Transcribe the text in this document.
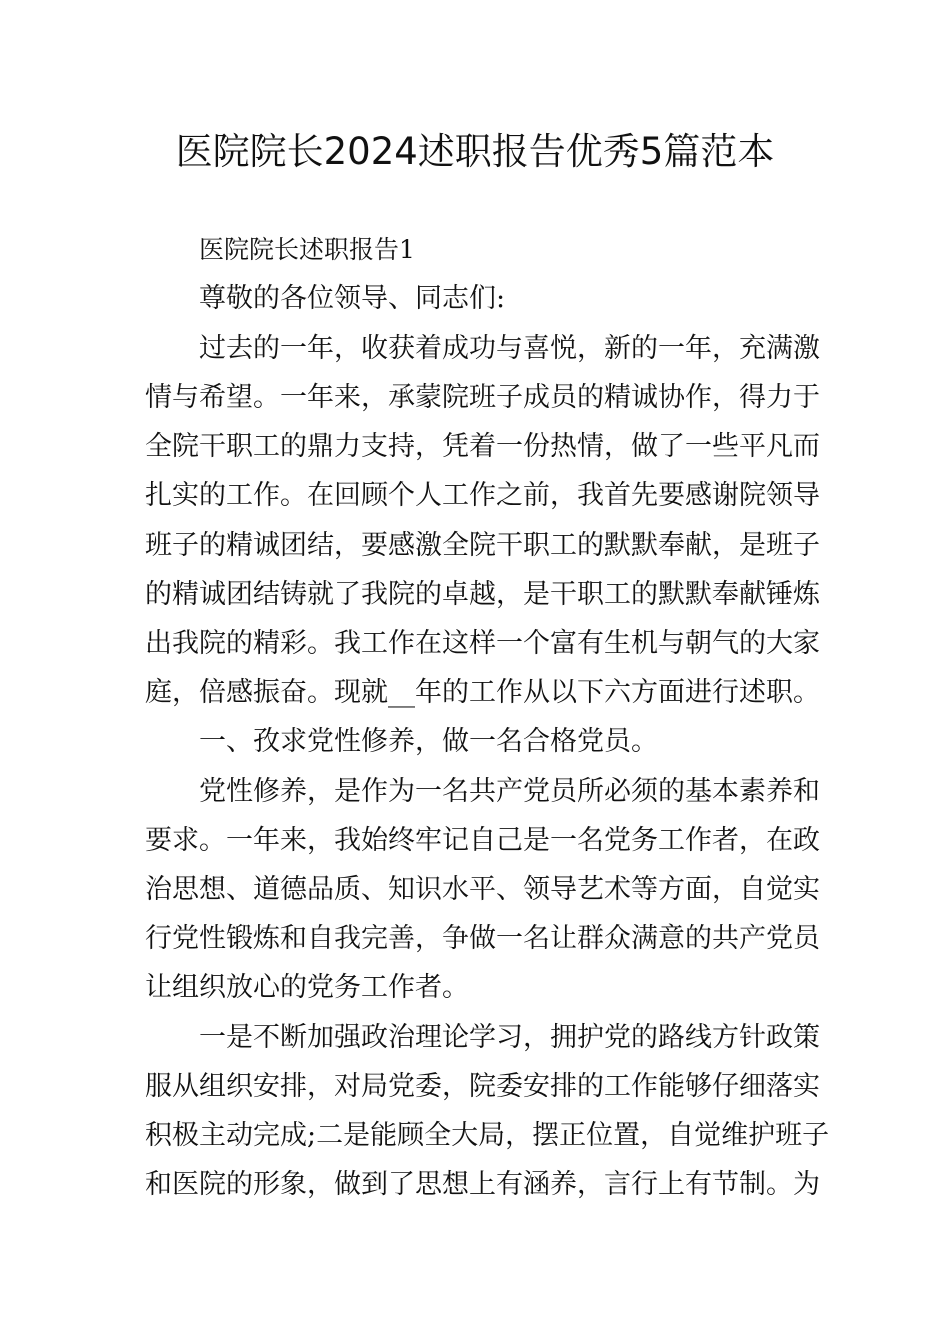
医院院长2024述职报告优秀5篇范本
医院院长述职报告1
尊敬的各位领导、同志们:
过去的一年，收获着成功与喜悦，新的一年，充满激
情与希望。一年来，承蒙院班子成员的精诚协作，得力于
全院干职工的鼎力支持，凭着一份热情，做了一些平凡而
扎实的工作。在回顾个人工作之前，我首先要感谢院领导
班子的精诚团结，要感激全院干职工的默默奉献，是班子
的精诚团结铸就了我院的卓越，是干职工的默默奉献锤炼
出我院的精彩。我工作在这样一个富有生机与朝气的大家
庭，倍感振奋。现就__年的工作从以下六方面进行述职。
一、孜求党性修养，做一名合格党员。
党性修养，是作为一名共产党员所必须的基本素养和
要求。一年来，我始终牢记自己是一名党务工作者，在政
治思想、道德品质、知识水平、领导艺术等方面，自觉实
行党性锻炼和自我完善，争做一名让群众满意的共产党员
让组织放心的党务工作者。
一是不断加强政治理论学习，拥护党的路线方针政策
服从组织安排，对局党委，院委安排的工作能够仔细落实
积极主动完成;二是能顾全大局，摆正位置，自觉维护班子
和医院的形象，做到了思想上有涵养，言行上有节制。为
